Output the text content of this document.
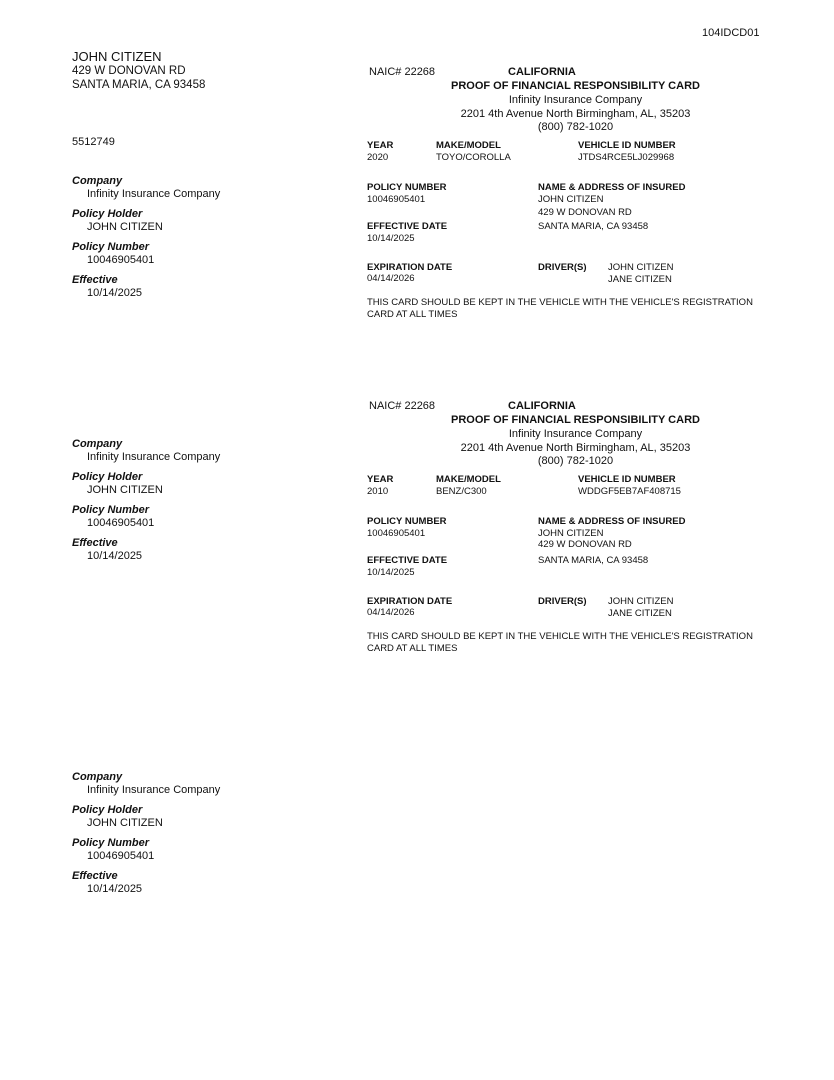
104IDCD01
JOHN CITIZEN
429 W DONOVAN RD
SANTA MARIA, CA 93458
5512749
Company
Infinity Insurance Company
Policy Holder
JOHN CITIZEN
Policy Number
10046905401
Effective
10/14/2025
Company
Infinity Insurance Company
Policy Holder
JOHN CITIZEN
Policy Number
10046905401
Effective
10/14/2025
Company
Infinity Insurance Company
Policy Holder
JOHN CITIZEN
Policy Number
10046905401
Effective
10/14/2025
NAIC# 22268	CALIFORNIA
PROOF OF FINANCIAL RESPONSIBILITY CARD
Infinity Insurance Company
2201 4th Avenue North Birmingham, AL, 35203
(800) 782-1020
YEAR	MAKE/MODEL	VEHICLE ID NUMBER
2020	TOYO/COROLLA	JTDS4RCE5LJ029968
POLICY NUMBER	NAME & ADDRESS OF INSURED
10046905401	JOHN CITIZEN
429 W DONOVAN RD
EFFECTIVE DATE	SANTA MARIA, CA 93458
10/14/2025
EXPIRATION DATE	DRIVER(S) JOHN CITIZEN
04/14/2026	JANE CITIZEN
THIS CARD SHOULD BE KEPT IN THE VEHICLE WITH THE VEHICLE'S REGISTRATION
CARD AT ALL TIMES
NAIC# 22268	CALIFORNIA
PROOF OF FINANCIAL RESPONSIBILITY CARD
Infinity Insurance Company
2201 4th Avenue North Birmingham, AL, 35203
(800) 782-1020
YEAR	MAKE/MODEL	VEHICLE ID NUMBER
2010	BENZ/C300	WDDGF5EB7AF408715
POLICY NUMBER	NAME & ADDRESS OF INSURED
10046905401	JOHN CITIZEN
429 W DONOVAN RD
EFFECTIVE DATE	SANTA MARIA, CA 93458
10/14/2025
EXPIRATION DATE	DRIVER(S) JOHN CITIZEN
04/14/2026	JANE CITIZEN
THIS CARD SHOULD BE KEPT IN THE VEHICLE WITH THE VEHICLE'S REGISTRATION
CARD AT ALL TIMES
